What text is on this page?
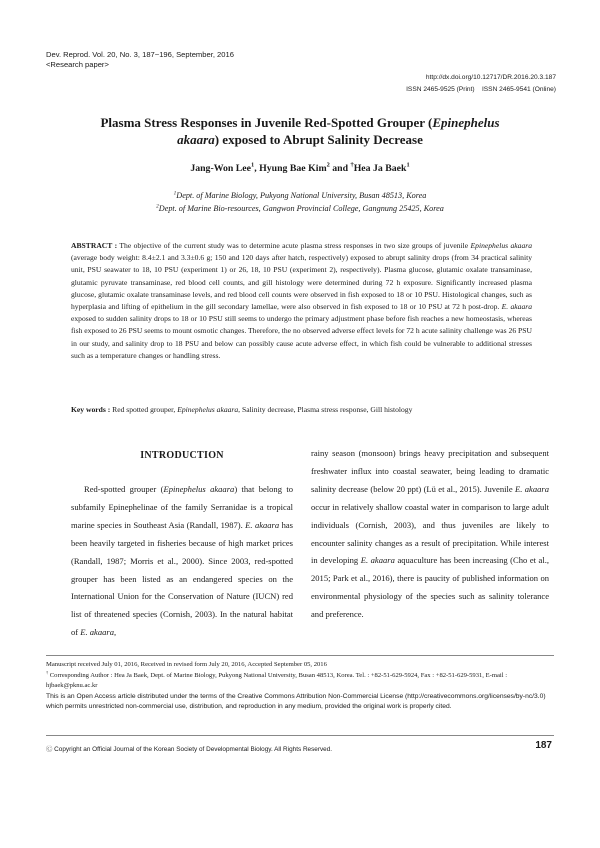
Dev. Reprod. Vol. 20, No. 3, 187~196, September, 2016
<Research paper>
http://dx.doi.org/10.12717/DR.2016.20.3.187
ISSN 2465-9525 (Print)    ISSN 2465-9541 (Online)
Plasma Stress Responses in Juvenile Red-Spotted Grouper (Epinephelus
akaara) exposed to Abrupt Salinity Decrease
Jang-Won Lee$^1$, Hyung Bae Kim$^2$ and †Hea Ja Baek$^1$
$^1$Dept. of Marine Biology, Pukyong National University, Busan 48513, Korea
$^2$Dept. of Marine Bio-resources, Gangwon Provincial College, Gangnung 25425, Korea
ABSTRACT : The objective of the current study was to determine acute plasma stress responses in two size groups of juvenile Epinephelus akaara (average body weight: 8.4±2.1 and 3.3±0.6 g; 150 and 120 days after hatch, respectively) exposed to abrupt salinity drops (from 34 practical salinity unit, PSU seawater to 18, 10 PSU (experiment 1) or 26, 18, 10 PSU (experiment 2), respectively). Plasma glucose, glutamic oxalate transaminase, glutamic pyruvate transaminase, red blood cell counts, and gill histology were determined during 72 h exposure. Significantly increased plasma glucose, glutamic oxalate transaminase levels, and red blood cell counts were observed in fish exposed to 18 or 10 PSU. Histological changes, such as hyperplasia and lifting of epithelium in the gill secondary lamellae, were also observed in fish exposed to 18 or 10 PSU at 72 h post-drop. E. akaara exposed to sudden salinity drops to 18 or 10 PSU still seems to undergo the primary adjustment phase before fish reaches a new homeostasis, whereas fish exposed to 26 PSU seems to mount osmotic changes. Therefore, the no observed adverse effect levels for 72 h acute salinity challenge was 26 PSU in our study, and salinity drop to 18 PSU and below can possibly cause acute adverse effect, in which fish could be vulnerable to additional stresses such as a temperature changes or handling stress.
Key words : Red spotted grouper, Epinephelus akaara, Salinity decrease, Plasma stress response, Gill histology
INTRODUCTION
Red-spotted grouper (Epinephelus akaara) that belong to subfamily Epinephelinae of the family Serranidae is a tropical marine species in Southeast Asia (Randall, 1987). E. akaara has been heavily targeted in fisheries because of high market prices (Randall, 1987; Morris et al., 2000). Since 2003, red-spotted grouper has been listed as an endangered species on the International Union for the Conservation of Nature (IUCN) red list of threatened species (Cornish, 2003). In the natural habitat of E. akaara,
rainy season (monsoon) brings heavy precipitation and subsequent freshwater influx into coastal seawater, being leading to dramatic salinity decrease (below 20 ppt) (Lü et al., 2015). Juvenile E. akaara occur in relatively shallow coastal water in comparison to large adult individuals (Cornish, 2003), and thus juveniles are likely to encounter salinity changes as a result of precipitation. While interest in developing E. akaara aquaculture has been increasing (Cho et al., 2015; Park et al., 2016), there is paucity of published information on environmental physiology of the species such as salinity tolerance and preference.
Manuscript received July 01, 2016, Received in revised form July 20, 2016, Accepted September 05, 2016
† Corresponding Author : Hea Ja Baek, Dept. of Marine Biology, Pukyong National University, Busan 48513, Korea. Tel. : +82-51-629-5924, Fax : +82-51-629-5931, E-mail : hjbaek@pknu.ac.kr
This is an Open Access article distributed under the terms of the Creative Commons Attribution Non-Commercial License (http://creativecommons.org/licenses/by-nc/3.0) which permits unrestricted non-commercial use, distribution, and reproduction in any medium, provided the original work is properly cited.
Ⓒ Copyright an Official Journal of the Korean Society of Developmental Biology. All Rights Reserved.	187
